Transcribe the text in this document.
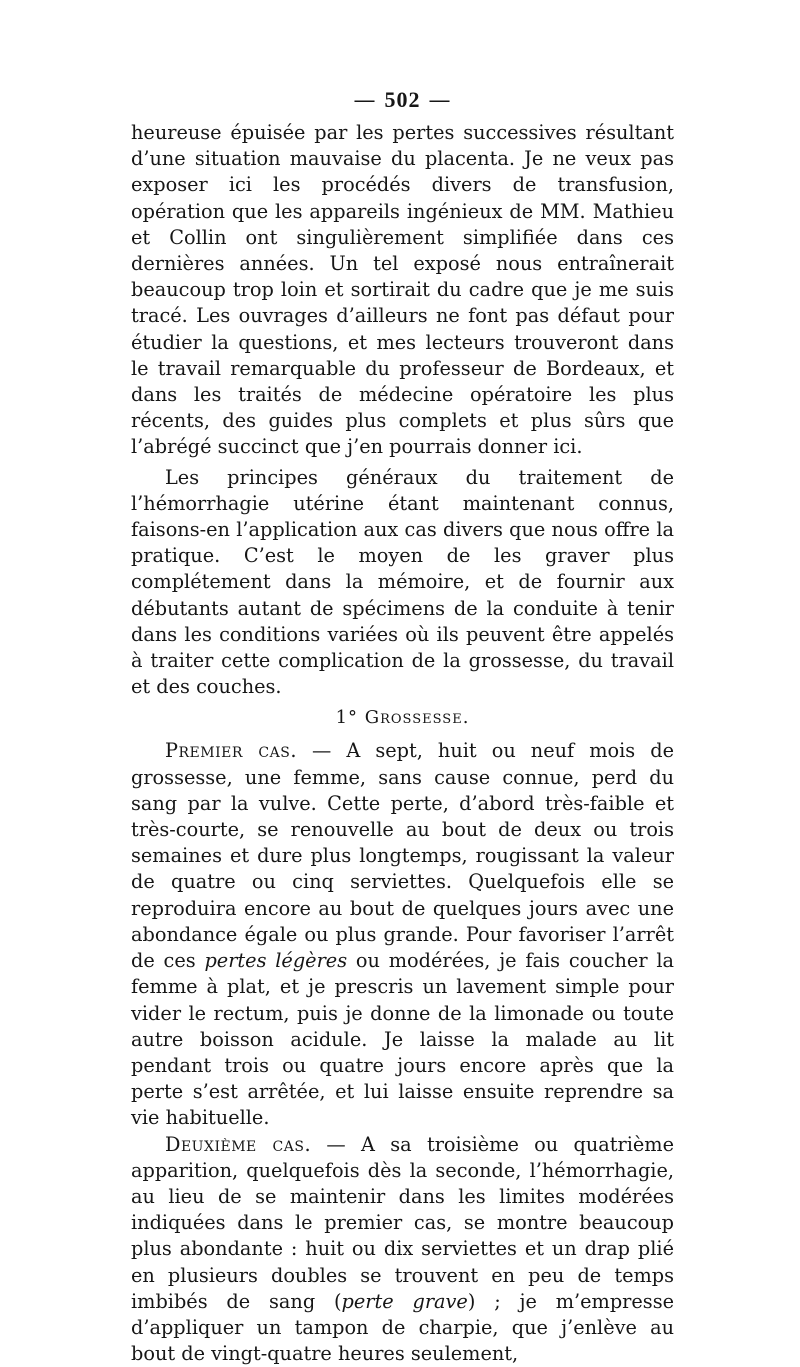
— 502 —

heureuse épuisée par les pertes successives résultant d’une situation mauvaise du placenta. Je ne veux pas exposer ici les procédés divers de transfusion, opération que les appareils ingénieux de MM. Mathieu et Collin ont singulièrement simplifiée dans ces dernières années. Un tel exposé nous entraînerait beaucoup trop loin et sortirait du cadre que je me suis tracé. Les ouvrages d’ailleurs ne font pas défaut pour étudier la questions, et mes lecteurs trouveront dans le travail remarquable du professeur de Bordeaux, et dans les traités de médecine opératoire les plus récents, des guides plus complets et plus sûrs que l’abrégé succinct que j’en pourrais donner ici.

Les principes généraux du traitement de l’hémorrhagie utérine étant maintenant connus, faisons-en l’application aux cas divers que nous offre la pratique. C’est le moyen de les graver plus complétement dans la mémoire, et de fournir aux débutants autant de spécimens de la conduite à tenir dans les conditions variées où ils peuvent être appelés à traiter cette complication de la grossesse, du travail et des couches.

1° Grossesse.

Premier cas. — A sept, huit ou neuf mois de grossesse, une femme, sans cause connue, perd du sang par la vulve. Cette perte, d’abord très-faible et très-courte, se renouvelle au bout de deux ou trois semaines et dure plus longtemps, rougissant la valeur de quatre ou cinq serviettes. Quelquefois elle se reproduira encore au bout de quelques jours avec une abondance égale ou plus grande. Pour favoriser l’arrêt de ces pertes légères ou modérées, je fais coucher la femme à plat, et je prescris un lavement simple pour vider le rectum, puis je donne de la limonade ou toute autre boisson acidule. Je laisse la malade au lit pendant trois ou quatre jours encore après que la perte s’est arrêtée, et lui laisse ensuite reprendre sa vie habituelle.

Deuxième cas. — A sa troisième ou quatrième apparition, quelquefois dès la seconde, l’hémorrhagie, au lieu de se maintenir dans les limites modérées indiquées dans le premier cas, se montre beaucoup plus abondante : huit ou dix serviettes et un drap plié en plusieurs doubles se trouvent en peu de temps imbibés de sang (perte grave) ; je m’empresse d’appliquer un tampon de charpie, que j’enlève au bout de vingt-quatre heures seulement,
